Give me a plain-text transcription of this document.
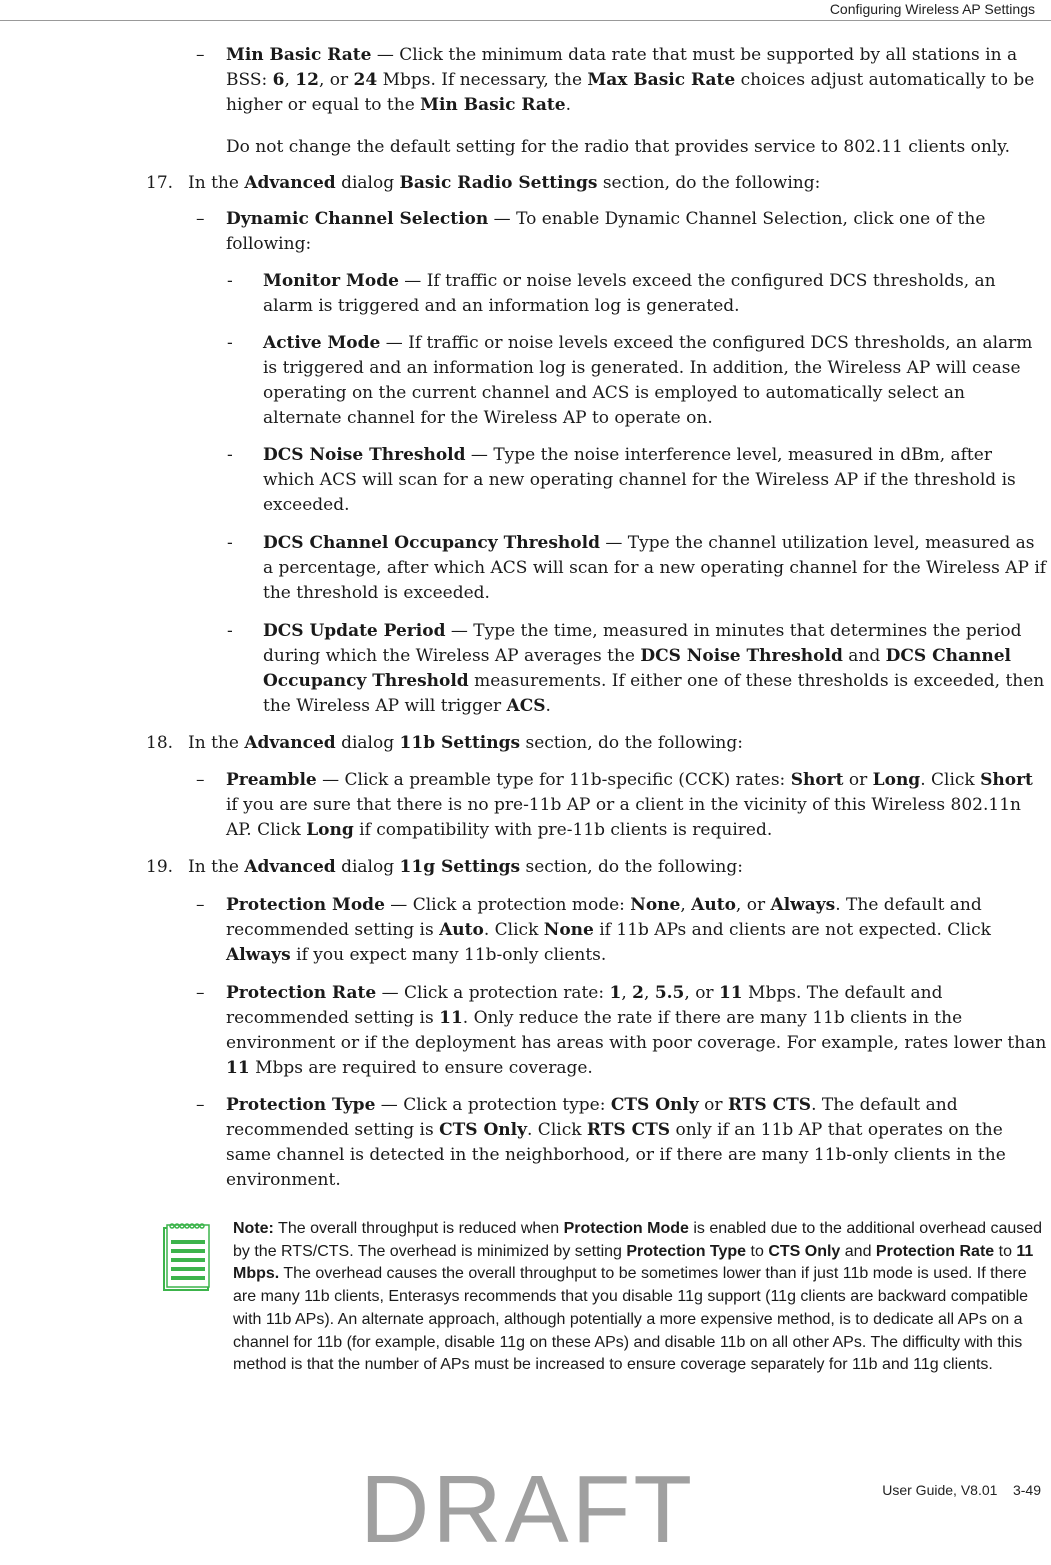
Configuring Wireless AP Settings
– Min Basic Rate — Click the minimum data rate that must be supported by all stations in a BSS: 6, 12, or 24 Mbps. If necessary, the Max Basic Rate choices adjust automatically to be higher or equal to the Min Basic Rate.

Do not change the default setting for the radio that provides service to 802.11 clients only.

17. In the Advanced dialog Basic Radio Settings section, do the following:

– Dynamic Channel Selection — To enable Dynamic Channel Selection, click one of the following:

- Monitor Mode — If traffic or noise levels exceed the configured DCS thresholds, an alarm is triggered and an information log is generated.

- Active Mode — If traffic or noise levels exceed the configured DCS thresholds, an alarm is triggered and an information log is generated. In addition, the Wireless AP will cease operating on the current channel and ACS is employed to automatically select an alternate channel for the Wireless AP to operate on.

- DCS Noise Threshold — Type the noise interference level, measured in dBm, after which ACS will scan for a new operating channel for the Wireless AP if the threshold is exceeded.

- DCS Channel Occupancy Threshold — Type the channel utilization level, measured as a percentage, after which ACS will scan for a new operating channel for the Wireless AP if the threshold is exceeded.

- DCS Update Period — Type the time, measured in minutes that determines the period during which the Wireless AP averages the DCS Noise Threshold and DCS Channel Occupancy Threshold measurements. If either one of these thresholds is exceeded, then the Wireless AP will trigger ACS.

18. In the Advanced dialog 11b Settings section, do the following:

– Preamble — Click a preamble type for 11b-specific (CCK) rates: Short or Long. Click Short if you are sure that there is no pre-11b AP or a client in the vicinity of this Wireless 802.11n AP. Click Long if compatibility with pre-11b clients is required.

19. In the Advanced dialog 11g Settings section, do the following:

– Protection Mode — Click a protection mode: None, Auto, or Always. The default and recommended setting is Auto. Click None if 11b APs and clients are not expected. Click Always if you expect many 11b-only clients.

– Protection Rate — Click a protection rate: 1, 2, 5.5, or 11 Mbps. The default and recommended setting is 11. Only reduce the rate if there are many 11b clients in the environment or if the deployment has areas with poor coverage. For example, rates lower than 11 Mbps are required to ensure coverage.

– Protection Type — Click a protection type: CTS Only or RTS CTS. The default and recommended setting is CTS Only. Click RTS CTS only if an 11b AP that operates on the same channel is detected in the neighborhood, or if there are many 11b-only clients in the environment.

Note: The overall throughput is reduced when Protection Mode is enabled due to the additional overhead caused by the RTS/CTS. The overhead is minimized by setting Protection Type to CTS Only and Protection Rate to 11 Mbps. The overhead causes the overall throughput to be sometimes lower than if just 11b mode is used. If there are many 11b clients, Enterasys recommends that you disable 11g support (11g clients are backward compatible with 11b APs). An alternate approach, although potentially a more expensive method, is to dedicate all APs on a channel for 11b (for example, disable 11g on these APs) and disable 11b on all other APs. The difficulty with this method is that the number of APs must be increased to ensure coverage separately for 11b and 11g clients.

User Guide, V8.01    3-49
DRAFT
